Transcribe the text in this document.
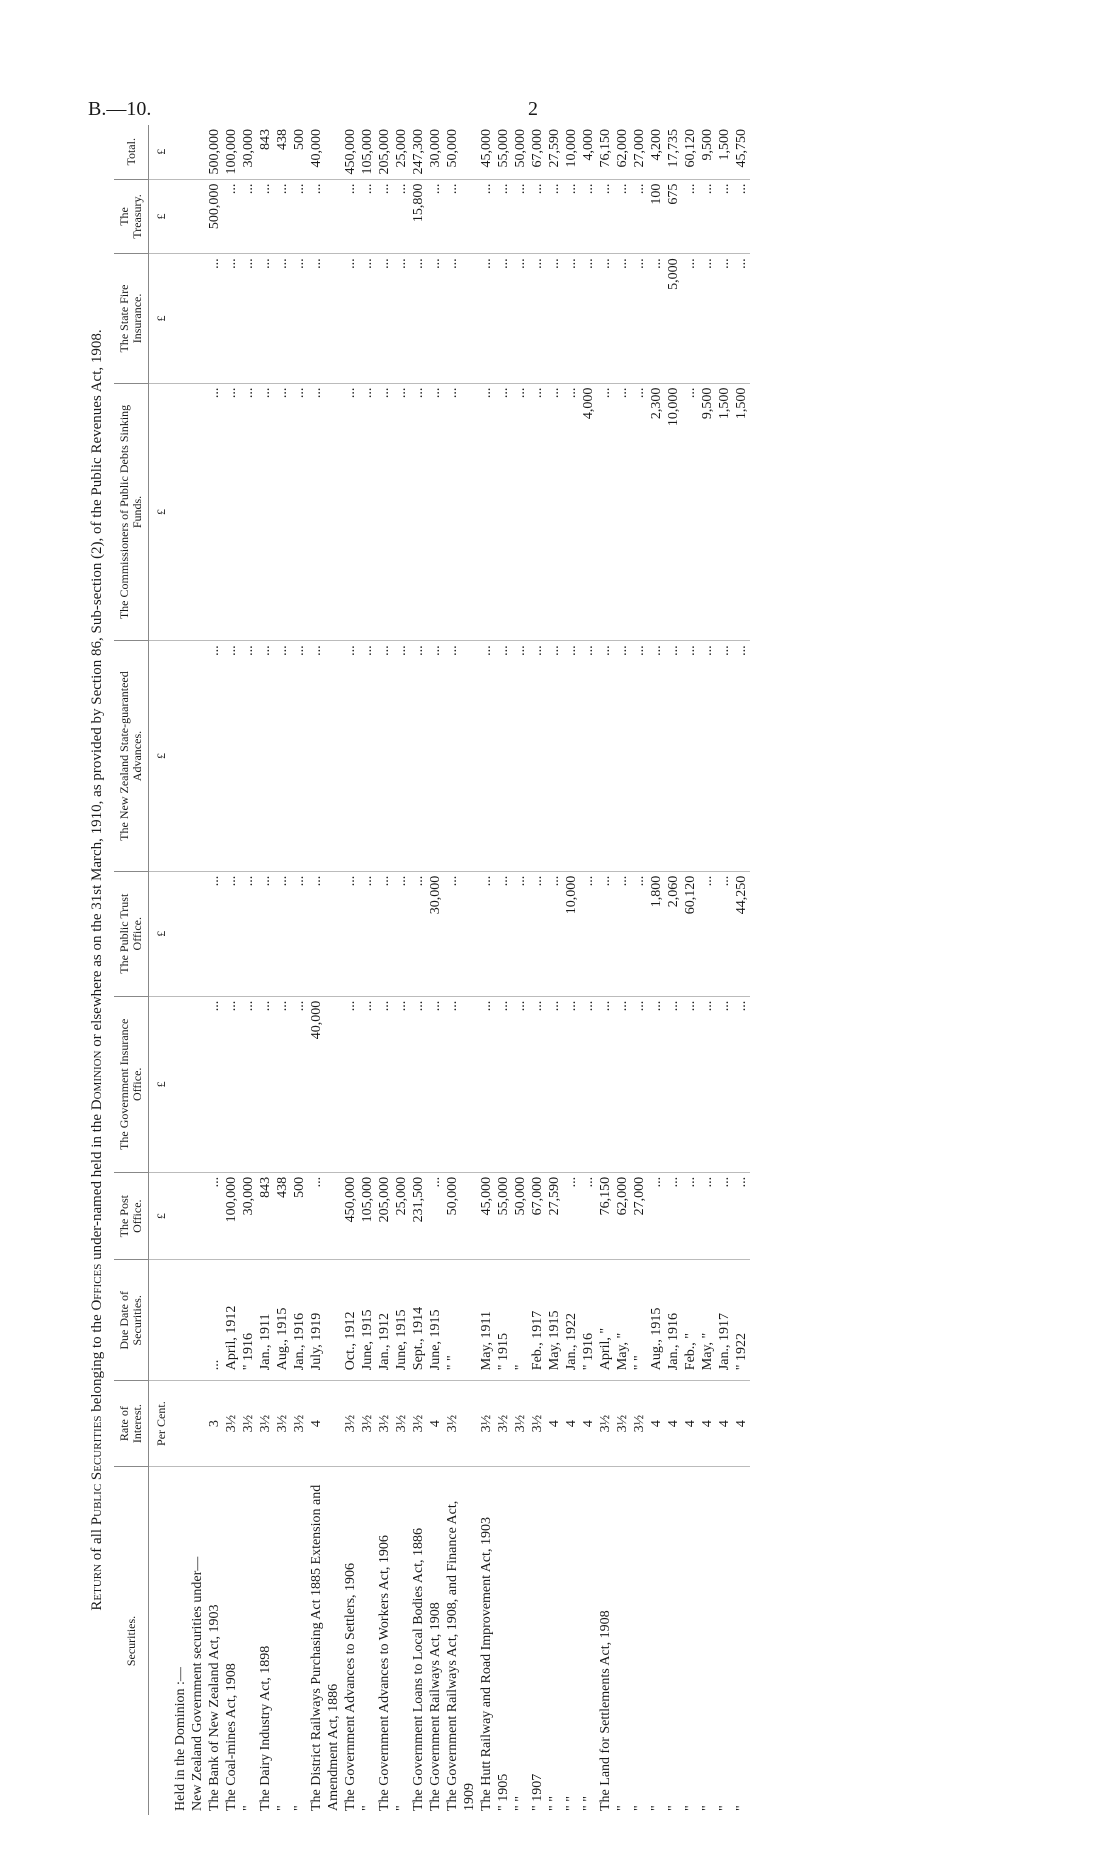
B.—10.	2
Return of all Public Securities belonging to the Offices under-named held in the Dominion or elsewhere as on the 31st March, 1910, as provided by Section 86, Sub-section (2), of the Public Revenues Act, 1908.
Securities.	Rate of Interest.	Due Date of Securities.	The Post Office.	The Government Insurance Office.	The Public Trust Office.	The New Zealand State-guaranteed Advances.	The Commissioners of Public Debts Sinking Funds.	The State Fire Insurance.	The Treasury.	Total.
	Per Cent.		£	£	£	£	£	£	£	£
Held in the Dominion :—										
New Zealand Government securities under—										
The Bank of New Zealand Act, 1903	3	...	...	...	...	...	...	...	500,000	500,000
The Coal-mines Act, 1908	3½	April, 1912	100,000	...	...	...	...	...	...	100,000
"	3½	" 1916	30,000	...	...	...	...	...	...	30,000
The Dairy Industry Act, 1898	3½	Jan., 1911	843	...	...	...	...	...	...	843
"	3½	Aug., 1915	438	...	...	...	...	...	...	438
"	3½	Jan., 1916	500	...	...	...	...	...	...	500
The District Railways Purchasing Act 1885 Extension and Amendment Act, 1886	4	July, 1919	...	40,000	...	...	...	...	...	40,000
The Government Advances to Settlers, 1906	3½	Oct., 1912	450,000	...	...	...	...	...	...	450,000
"	3½	June, 1915	105,000	...	...	...	...	...	...	105,000
The Government Advances to Workers Act, 1906	3½	Jan., 1912	205,000	...	...	...	...	...	...	205,000
"	3½	June, 1915	25,000	...	...	...	...	...	...	25,000
The Government Loans to Local Bodies Act, 1886	3½	Sept., 1914	231,500	...	...	...	...	...	15,800	247,300
The Government Railways Act, 1908	4	June, 1915	...	...	30,000	...	...	...	...	30,000
The Government Railways Act, 1908, and Finance Act, 1909	3½	" "	50,000	...	...	...	...	...	...	50,000
The Hutt Railway and Road Improvement Act, 1903	3½	May, 1911	45,000	...	...	...	...	...	...	45,000
" 1905	3½	" 1915	55,000	...	...	...	...	...	...	55,000
" "	3½	"	50,000	...	...	...	...	...	...	50,000
" 1907	3½	Feb., 1917	67,000	...	...	...	...	...	...	67,000
" "	4	May, 1915	27,590	...	...	...	...	...	...	27,590
" "	4	Jan., 1922	...	...	10,000	...	...	...	...	10,000
" "	4	" 1916	...	...	...	...	4,000	...	...	4,000
The Land for Settlements Act, 1908	3½	April, "	76,150	...	...	...	...	...	...	76,150
"	3½	May, "	62,000	...	...	...	...	...	...	62,000
"	3½	" "	27,000	...	...	...	...	...	...	27,000
"	4	Aug., 1915	...	...	1,800	...	2,300	...	100	4,200
"	4	Jan., 1916	...	...	2,060	...	10,000	5,000	675	17,735
"	4	Feb., "	...	...	60,120	...	...	...	...	60,120
"	4	May, "	...	...	...	...	9,500	...	...	9,500
"	4	Jan., 1917	...	...	...	...	1,500	...	...	1,500
"	4	" 1922	...	...	44,250	...	1,500	...	...	45,750
